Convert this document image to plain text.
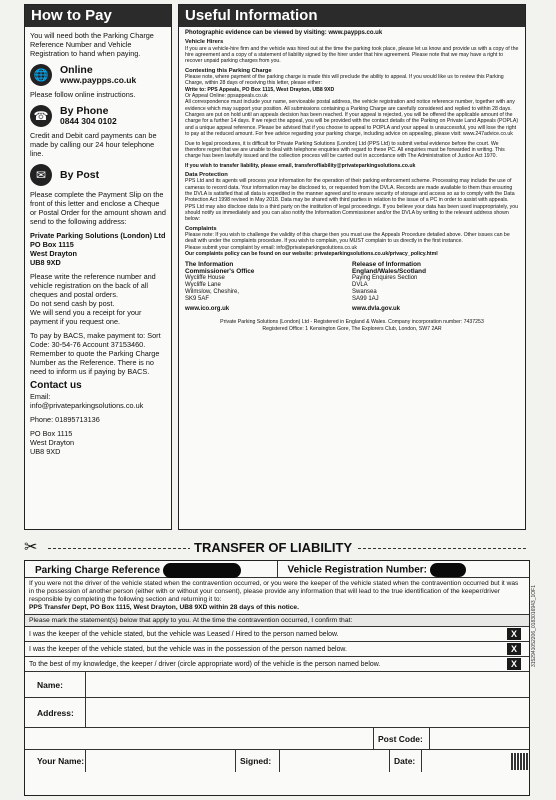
How to Pay

You will need both the Parking Charge Reference Number and Vehicle Registration to hand when paying.

🌐	Online
www.paypps.co.uk

Please follow online instructions.

☎	By Phone
0844 304 0102

Credit and Debit card payments can be made by calling our 24 hour telephone line.

✉	By Post

Please complete the Payment Slip on the front of this letter and enclose a Cheque or Postal Order for the amount shown and send to the following address:

Private Parking Solutions (London) Ltd
PO Box 1115
West Drayton
UB8 9XD

Please write the reference number and vehicle registration on the back of all cheques and postal orders.
Do not send cash by post.
We will send you a receipt for your payment if you request one.

To pay by BACS, make payment to: Sort Code: 30-54-76 Account 37153460. Remember to quote the Parking Charge Number as the Reference. There is no need to inform us if paying by BACS.

Contact us

Email:
info@privateparkingsolutions.co.uk

Phone: 01895713136

PO Box 1115
West Drayton
UB8 9XD

Useful Information
Photographic evidence can be viewed by visiting: www.paypps.co.uk
Vehicle Hirers

If you are a vehicle-hire firm and the vehicle was hired out at the time the parking took place, please let us know and provide us with a copy of the hire agreement and a copy of a statement of liability signed by the hirer under that hire agreement. Please note that we may have a right to recover unpaid parking charges from you.

Contesting this Parking Charge

Please note, where payment of the parking charge is made this will preclude the ability to appeal. If you would like us to review this Parking Charge, within 28 days of receiving this letter, please either:

Write to: PPS Appeals, PO Box 1115, West Drayton, UB8 9XD

Or Appeal Online: ppsappeals.co.uk

All correspondence must include your name, serviceable postal address, the vehicle registration and notice reference number, together with any evidence which may support your position. All submissions containing a Parking Charge are carefully considered and replied to within 28 days. Charges are put on hold until an appeals decision has been reached. If your appeal is rejected, you will be offered the applicable amount of the charge for a further 14 days. If we reject the appeal, you will be provided with the contact details of the Parking on Private Land Appeals (POPLA) and a unique appeal reference. Please be advised that if you choose to appeal to POPLA and your appeal is unsuccessful, you will lose the right to pay at the reduced amount. For free advice regarding your parking charge, including advice on appealing, please visit: www.247advice.co.uk

Due to legal procedures, it is difficult for Private Parking Solutions (London) Ltd (PPS Ltd) to submit verbal evidence before the court. We therefore regret that we are unable to deal with telephone enquiries with regard to these PC. All enquiries must be forwarded in writing. This charge has been lawfully issued and the collection process will be carried out in accordance with The Administration of Justice Act 1970.

If you wish to transfer liability, please email, transferofliability@privateparkingsolutions.co.uk

Data Protection

PPS Ltd and its agents will process your information for the operation of their parking enforcement scheme. Processing may include the use of cameras to record data. Your information may be disclosed to, or requested from the DVLA. Records are made available to them thus ensuring the DVLA is satisfied that all data is expedited in the manner agreed and to ensure security of storage and access so as to comply with the Data Protection Act 1998 revised in May 2018. Data may be shared with third parties in relation to the issue of a PC in order to assist with appeals. PPS Ltd may also disclose data to a third party on the institution of legal proceedings. If you believe your data has been used inappropriately, you should notify us immediately and you can also notify the Information Commissioner and/or the DVLA by writing to the relevant address shown below:

Complaints

Please note: If you wish to challenge the validity of this charge then you must use the Appeals Procedure detailed above. Other issues can be dealt with under the complaints procedure. If you wish to complain, you MUST complain to us directly in the first instance.

Please submit your complaint by email: info@privateparkingsolutions.co.uk

Our complaints policy can be found on our website: privateparkingsolutions.co.uk/privacy_policy.html

The Information
Commissioner's Office
Wycliffe House
Wycliffe Lane
Wilmslow, Cheshire,
SK9 5AF
www.ico.org.uk
Release of Information
England/Wales/Scotland
Paying Enquires Section
DVLA
Swansea
SA99 1AJ
www.dvla.gov.uk
Private Parking Solutions (London) Ltd - Registered in England & Wales. Company incorporation number: 7437253
Registered Office: 1 Kensington Gore, The Explorers Club, London, SW7 2AR
✂	TRANSFER OF LIABILITY
Parking Charge Reference	Vehicle Registration Number:
If you were not the driver of the vehicle stated when the contravention occurred, or you were the keeper of the vehicle stated when the contravention occurred but it was in the possession of another person (either with or without your consent), please provide any information that will lead to the true identification of the keeper/driver responsible by completing the following section and returning it to:
PPS Transfer Dept, PO Box 1115, West Drayton, UB8 9XD within 28 days of this notice.
Please mark the statement(s) below that apply to you. At the time the contravention occurred, I confirm that:
I was the keeper of the vehicle stated, but the vehicle was Leased / Hired to the person named below.	X
I was the keeper of the vehicle stated, but the vehicle was in the possession of the person named below.	X
To the best of my knowledge, the keeper / driver (circle appropriate word) of the vehicle is the person named below.	X
Name:
Address:
Post Code:
Your Name:	Signed:	Date:
3152941052206_0183016943_1OF1
